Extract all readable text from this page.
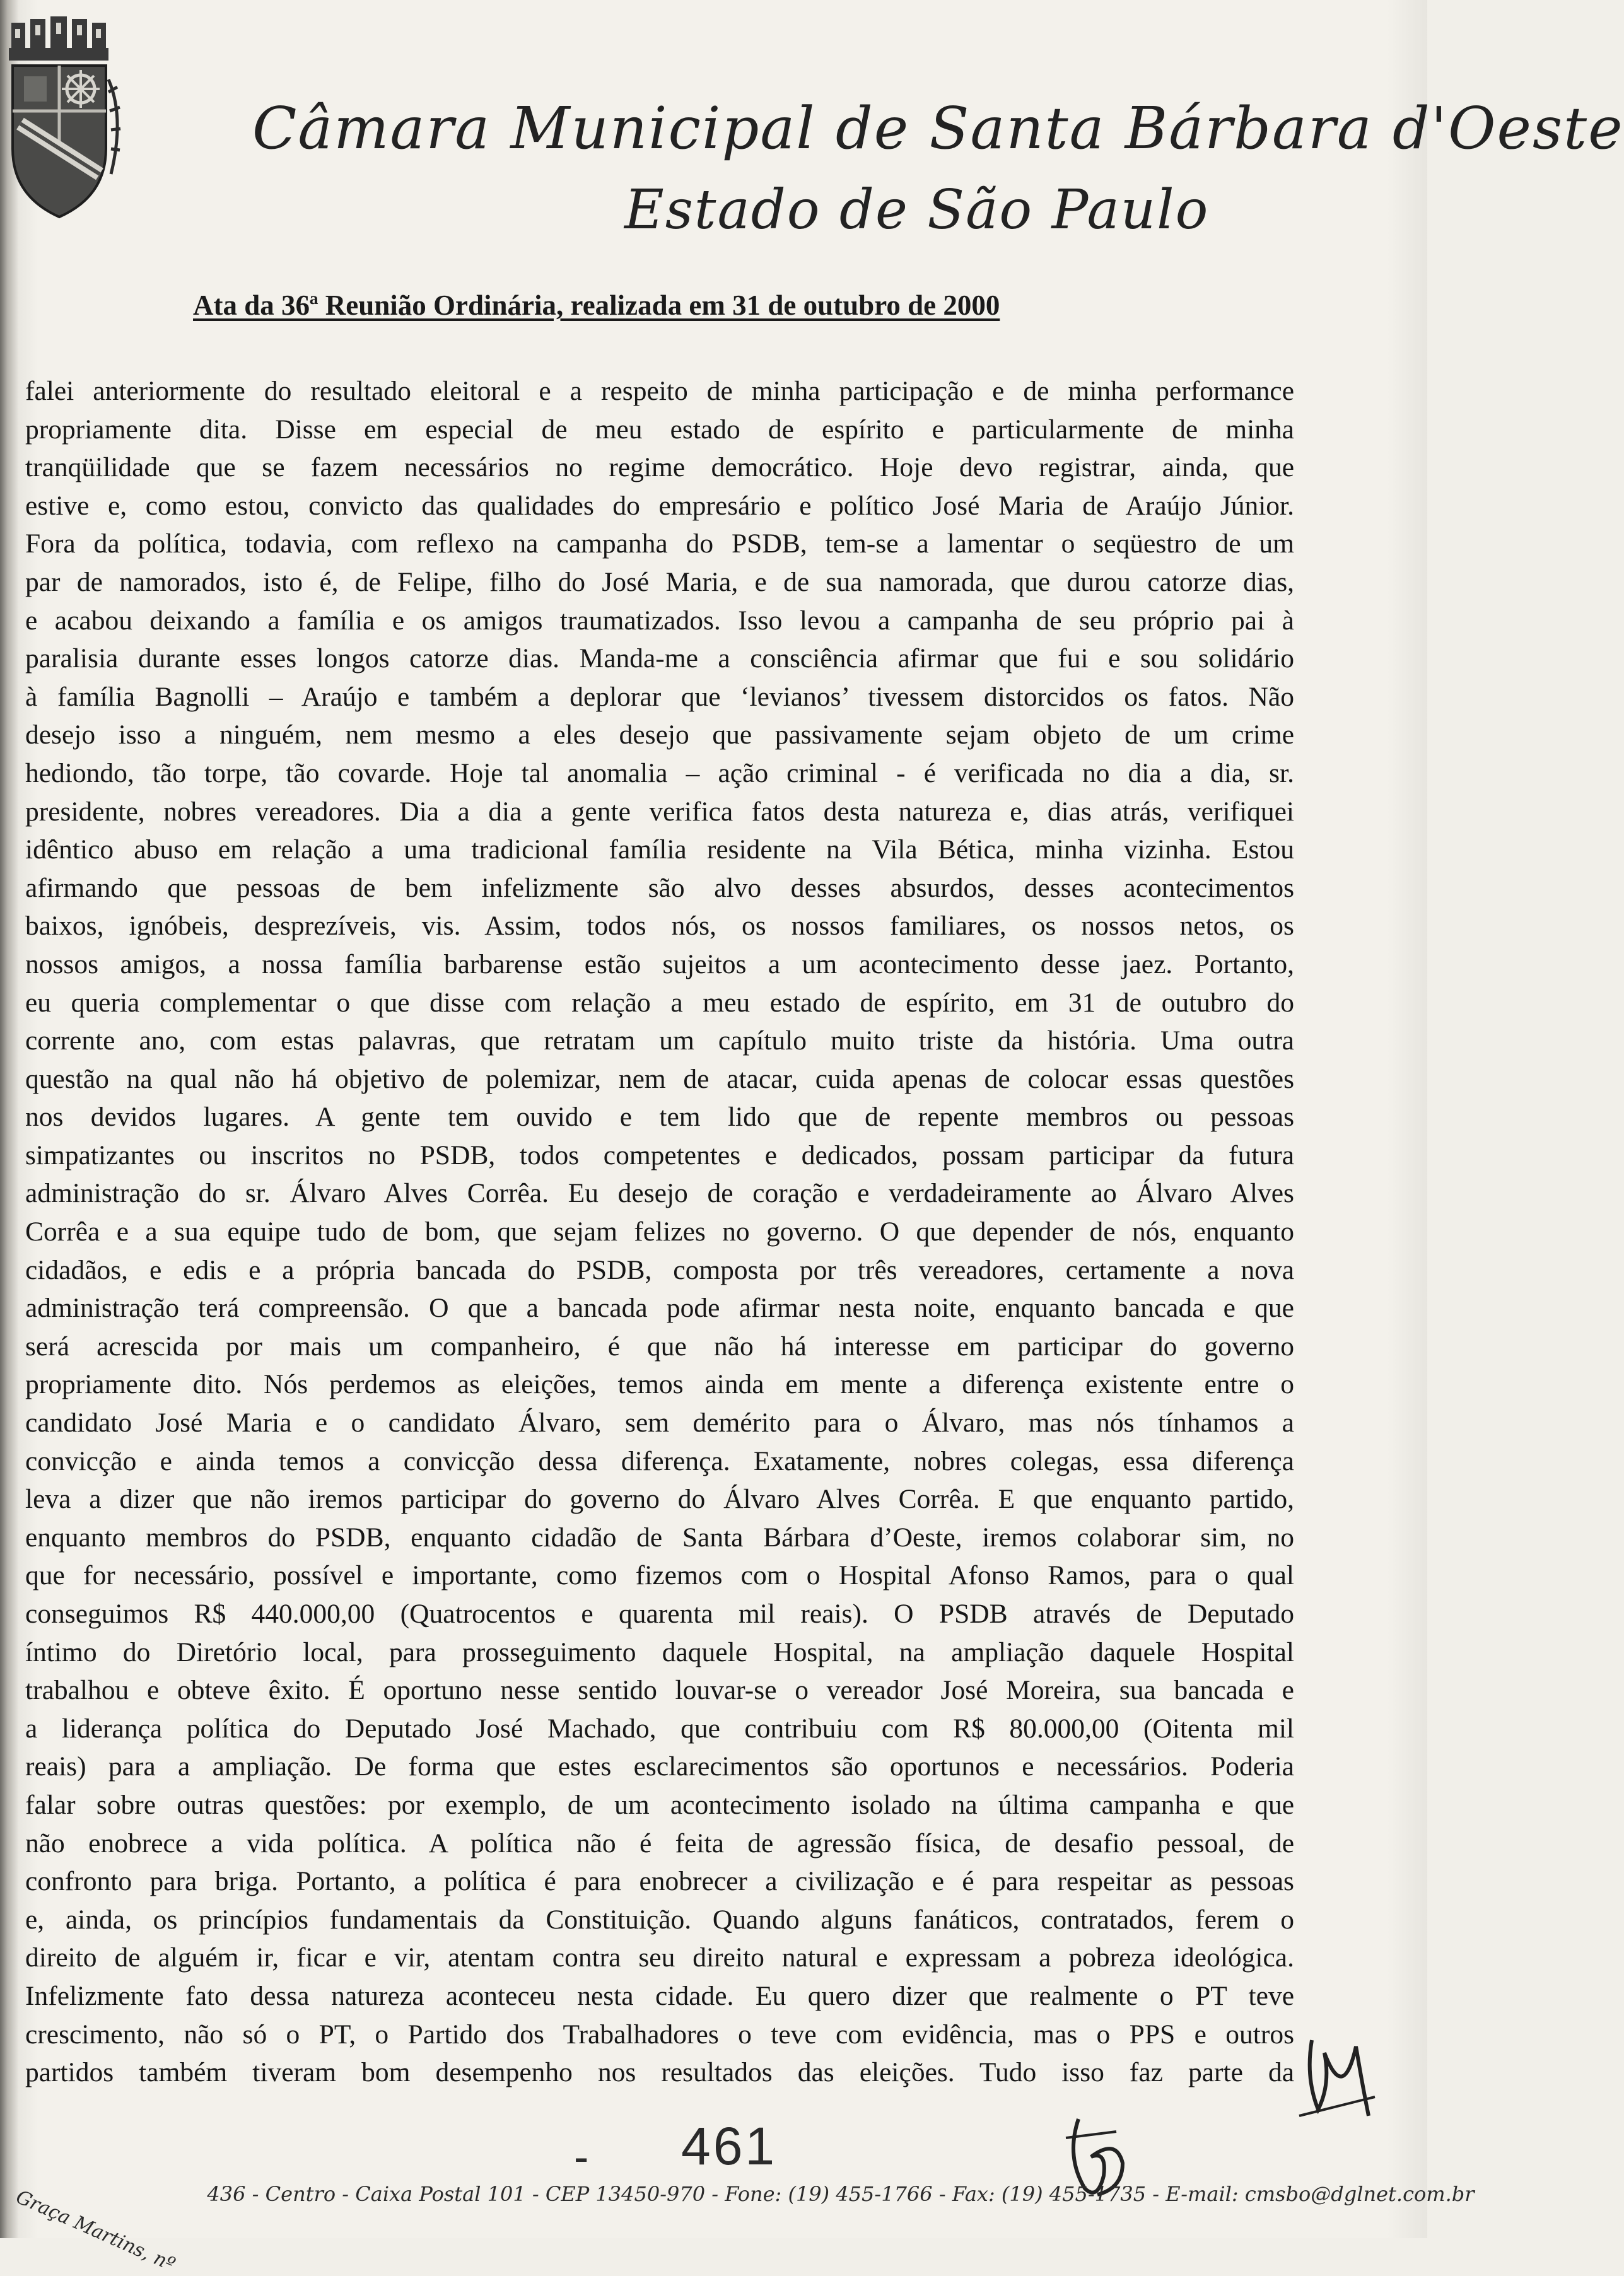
Câmara Municipal de Santa Bárbara d'Oeste
Estado de São Paulo
Ata da 36ª Reunião Ordinária, realizada em 31 de outubro de 2000
falei anteriormente do resultado eleitoral e a respeito de minha participação e de minha performance
propriamente dita. Disse em especial de meu estado de espírito e particularmente de minha
tranqüilidade que se fazem necessários no regime democrático. Hoje devo registrar, ainda, que
estive e, como estou, convicto das qualidades do empresário e político José Maria de Araújo Júnior.
Fora da política, todavia, com reflexo na campanha do PSDB, tem-se a lamentar o seqüestro de um
par de namorados, isto é, de Felipe, filho do José Maria, e de sua namorada, que durou catorze dias,
e acabou deixando a família e os amigos traumatizados. Isso levou a campanha de seu próprio pai à
paralisia durante esses longos catorze dias. Manda-me a consciência afirmar que fui e sou solidário
à família Bagnolli – Araújo e também a deplorar que ‘levianos’ tivessem distorcidos os fatos. Não
desejo isso a ninguém, nem mesmo a eles desejo que passivamente sejam objeto de um crime
hediondo, tão torpe, tão covarde. Hoje tal anomalia – ação criminal - é verificada no dia a dia, sr.
presidente, nobres vereadores. Dia a dia a gente verifica fatos desta natureza e, dias atrás, verifiquei
idêntico abuso em relação a uma tradicional família residente na Vila Bética, minha vizinha. Estou
afirmando que pessoas de bem infelizmente são alvo desses absurdos, desses acontecimentos
baixos, ignóbeis, desprezíveis, vis. Assim, todos nós, os nossos familiares, os nossos netos, os
nossos amigos, a nossa família barbarense estão sujeitos a um acontecimento desse jaez. Portanto,
eu queria complementar o que disse com relação a meu estado de espírito, em 31 de outubro do
corrente ano, com estas palavras, que retratam um capítulo muito triste da história. Uma outra
questão na qual não há objetivo de polemizar, nem de atacar, cuida apenas de colocar essas questões
nos devidos lugares. A gente tem ouvido e tem lido que de repente membros ou pessoas
simpatizantes ou inscritos no PSDB, todos competentes e dedicados, possam participar da futura
administração do sr. Álvaro Alves Corrêa. Eu desejo de coração e verdadeiramente ao Álvaro Alves
Corrêa e a sua equipe tudo de bom, que sejam felizes no governo. O que depender de nós, enquanto
cidadãos, e edis e a própria bancada do PSDB, composta por três vereadores, certamente a nova
administração terá compreensão. O que a bancada pode afirmar nesta noite, enquanto bancada e que
será acrescida por mais um companheiro, é que não há interesse em participar do governo
propriamente dito. Nós perdemos as eleições, temos ainda em mente a diferença existente entre o
candidato José Maria e o candidato Álvaro, sem demérito para o Álvaro, mas nós tínhamos a
convicção e ainda temos a convicção dessa diferença. Exatamente, nobres colegas, essa diferença
leva a dizer que não iremos participar do governo do Álvaro Alves Corrêa. E que enquanto partido,
enquanto membros do PSDB, enquanto cidadão de Santa Bárbara d’Oeste, iremos colaborar sim, no
que for necessário, possível e importante, como fizemos com o Hospital Afonso Ramos, para o qual
conseguimos R$ 440.000,00 (Quatrocentos e quarenta mil reais). O PSDB através de Deputado
íntimo do Diretório local, para prosseguimento daquele Hospital, na ampliação daquele Hospital
trabalhou e obteve êxito. É oportuno nesse sentido louvar-se o vereador José Moreira, sua bancada e
a liderança política do Deputado José Machado, que contribuiu com R$ 80.000,00 (Oitenta mil
reais) para a ampliação. De forma que estes esclarecimentos são oportunos e necessários. Poderia
falar sobre outras questões: por exemplo, de um acontecimento isolado na última campanha e que
não enobrece a vida política. A política não é feita de agressão física, de desafio pessoal, de
confronto para briga. Portanto, a política é para enobrecer a civilização e é para respeitar as pessoas
e, ainda, os princípios fundamentais da Constituição. Quando alguns fanáticos, contratados, ferem o
direito de alguém ir, ficar e vir, atentam contra seu direito natural e expressam a pobreza ideológica.
Infelizmente fato dessa natureza aconteceu nesta cidade. Eu quero dizer que realmente o PT teve
crescimento, não só o PT, o Partido dos Trabalhadores o teve com evidência, mas o PPS e outros
partidos também tiveram bom desempenho nos resultados das eleições. Tudo isso faz parte da
- 461
Graça Martins, nº 436 - Centro - Caixa Postal 101 - CEP 13450-970 - Fone: (19) 455-1766 - Fax: (19) 455-1735 - E-mail: cmsbo@dglnet.com.br
